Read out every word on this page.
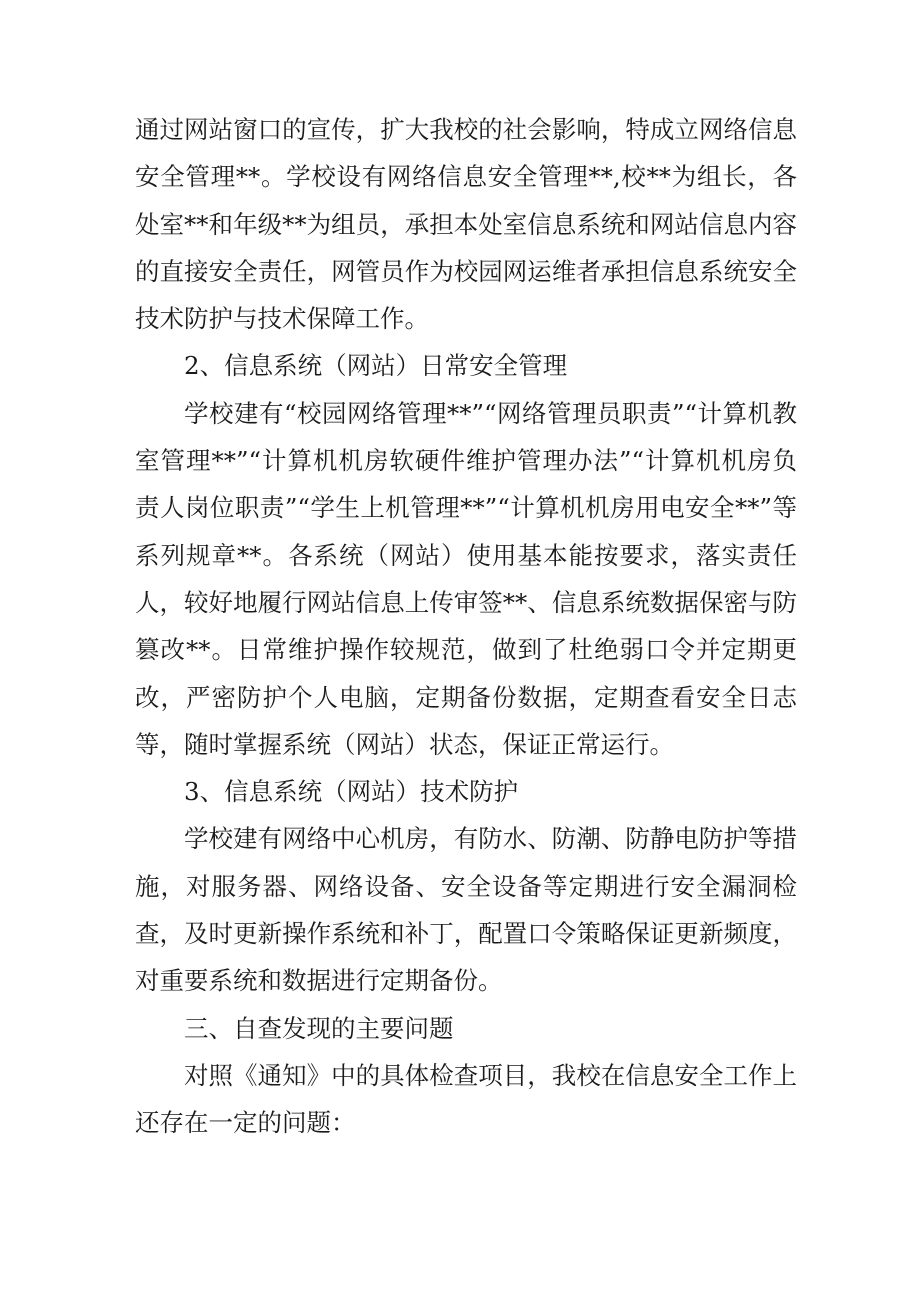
通过网站窗口的宣传，扩大我校的社会影响，特成立网络信息安全管理**。学校设有网络信息安全管理**,校**为组长，各处室**和年级**为组员，承担本处室信息系统和网站信息内容的直接安全责任，网管员作为校园网运维者承担信息系统安全技术防护与技术保障工作。

2、信息系统（网站）日常安全管理

学校建有“校园网络管理**”“网络管理员职责”“计算机教室管理**”“计算机机房软硬件维护管理办法”“计算机机房负责人岗位职责”“学生上机管理**”“计算机机房用电安全**”等系列规章**。各系统（网站）使用基本能按要求，落实责任人，较好地履行网站信息上传审签**、信息系统数据保密与防篡改**。日常维护操作较规范，做到了杜绝弱口令并定期更改，严密防护个人电脑，定期备份数据，定期查看安全日志等，随时掌握系统（网站）状态，保证正常运行。

3、信息系统（网站）技术防护

学校建有网络中心机房，有防水、防潮、防静电防护等措施，对服务器、网络设备、安全设备等定期进行安全漏洞检查，及时更新操作系统和补丁，配置口令策略保证更新频度，对重要系统和数据进行定期备份。

三、自查发现的主要问题

对照《通知》中的具体检查项目，我校在信息安全工作上还存在一定的问题：
